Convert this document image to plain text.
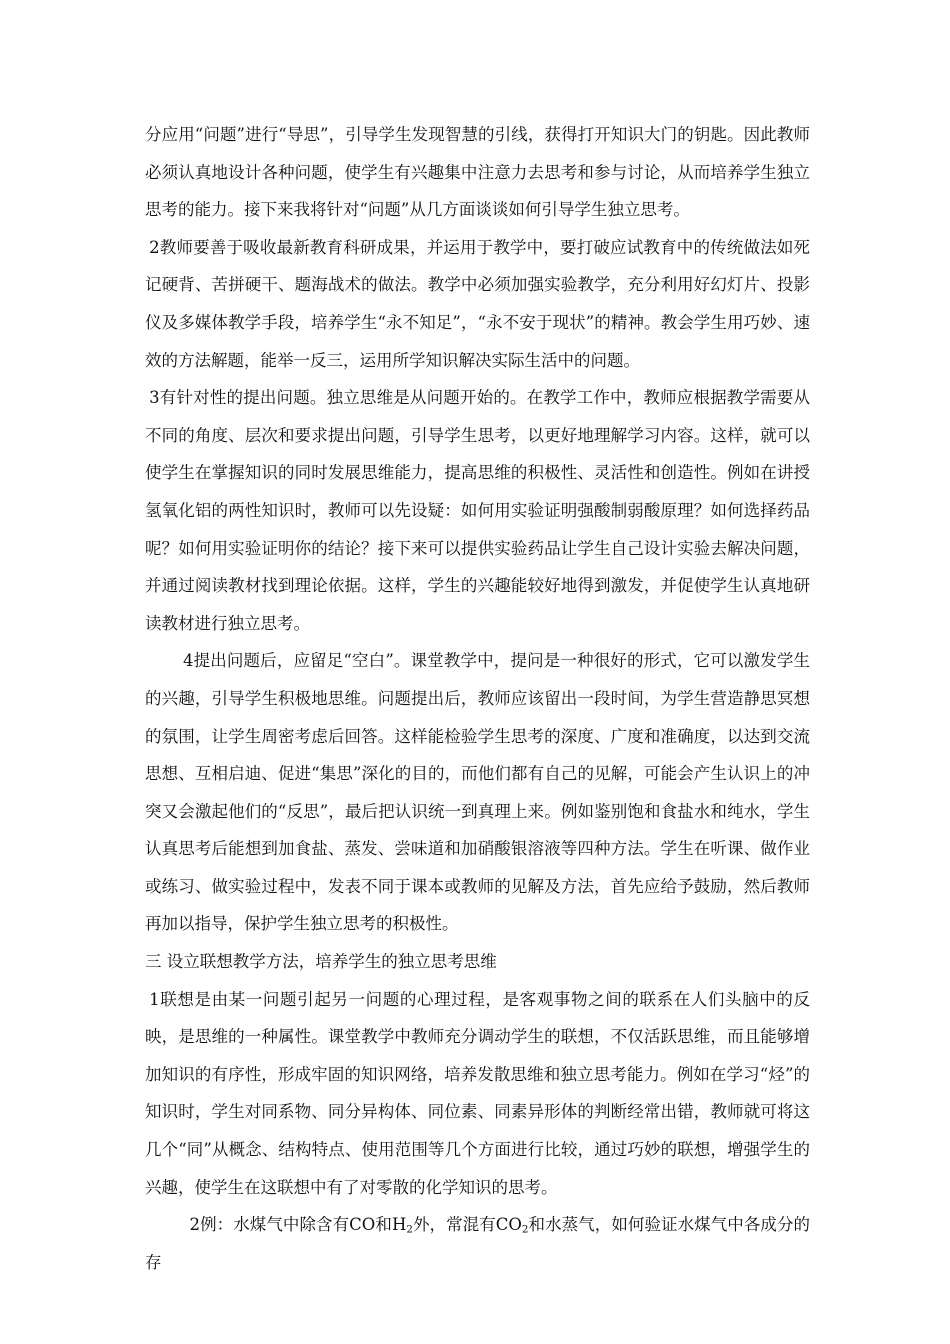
分应用“问题”进行“导思”，引导学生发现智慧的引线，获得打开知识大门的钥匙。因此教师必须认真地设计各种问题，使学生有兴趣集中注意力去思考和参与讨论，从而培养学生独立思考的能力。接下来我将针对“问题”从几方面谈谈如何引导学生独立思考。

2教师要善于吸收最新教育科研成果，并运用于教学中，要打破应试教育中的传统做法如死记硬背、苦拼硬干、题海战术的做法。教学中必须加强实验教学，充分利用好幻灯片、投影仪及多媒体教学手段，培养学生“永不知足”，“永不安于现状”的精神。教会学生用巧妙、速效的方法解题，能举一反三，运用所学知识解决实际生活中的问题。

3有针对性的提出问题。独立思维是从问题开始的。在教学工作中，教师应根据教学需要从不同的角度、层次和要求提出问题，引导学生思考，以更好地理解学习内容。这样，就可以使学生在掌握知识的同时发展思维能力，提高思维的积极性、灵活性和创造性。例如在讲授氢氧化铝的两性知识时，教师可以先设疑：如何用实验证明强酸制弱酸原理？如何选择药品呢？如何用实验证明你的结论？接下来可以提供实验药品让学生自己设计实验去解决问题，并通过阅读教材找到理论依据。这样，学生的兴趣能较好地得到激发，并促使学生认真地研读教材进行独立思考。

4提出问题后，应留足“空白”。课堂教学中，提问是一种很好的形式，它可以激发学生的兴趣，引导学生积极地思维。问题提出后，教师应该留出一段时间，为学生营造静思冥想的氛围，让学生周密考虑后回答。这样能检验学生思考的深度、广度和准确度，以达到交流思想、互相启迪、促进“集思”深化的目的，而他们都有自己的见解，可能会产生认识上的冲突又会激起他们的“反思”，最后把认识统一到真理上来。例如鉴别饱和食盐水和纯水，学生认真思考后能想到加食盐、蒸发、尝味道和加硝酸银溶液等四种方法。学生在听课、做作业或练习、做实验过程中，发表不同于课本或教师的见解及方法，首先应给予鼓励，然后教师再加以指导，保护学生独立思考的积极性。

三 设立联想教学方法，培养学生的独立思考思维

1联想是由某一问题引起另一问题的心理过程，是客观事物之间的联系在人们头脑中的反映，是思维的一种属性。课堂教学中教师充分调动学生的联想，不仅活跃思维，而且能够增加知识的有序性，形成牢固的知识网络，培养发散思维和独立思考能力。例如在学习“烃”的知识时，学生对同系物、同分异构体、同位素、同素异形体的判断经常出错，教师就可将这几个“同”从概念、结构特点、使用范围等几个方面进行比较，通过巧妙的联想，增强学生的兴趣，使学生在这联想中有了对零散的化学知识的思考。

2例：水煤气中除含有CO和$H_2$外，常混有$CO_2$和水蒸气，如何验证水煤气中各成分的存
